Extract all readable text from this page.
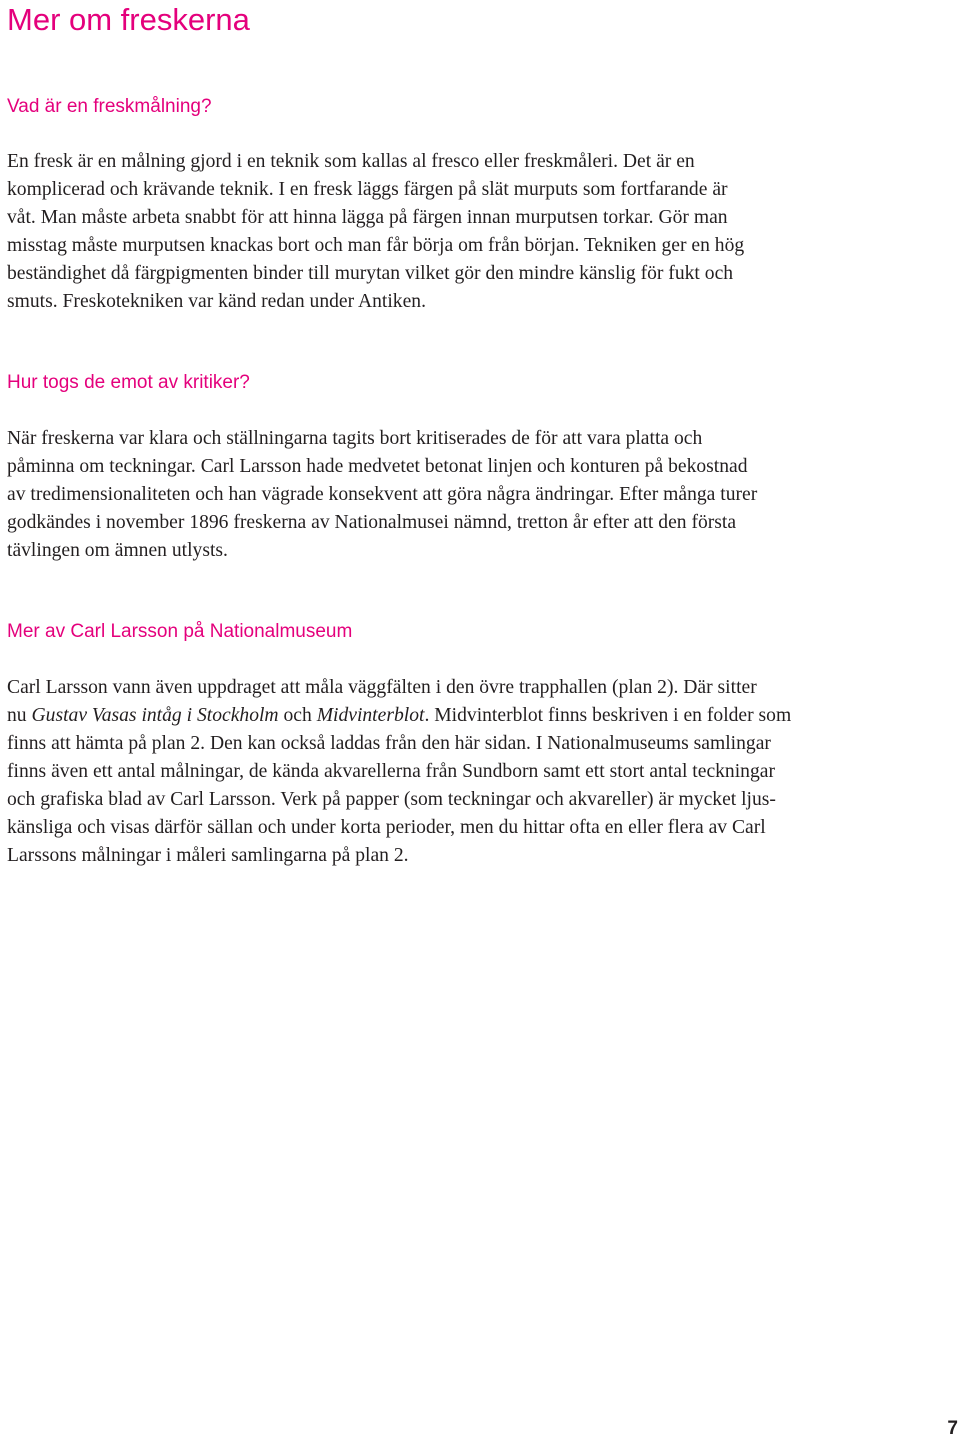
Mer om freskerna
Vad är en freskmålning?

En fresk är en målning gjord i en teknik som kallas al fresco eller freskmåleri. Det är en
komplicerad och krävande teknik. I en fresk läggs färgen på slät murputs som fortfarande är
våt. Man måste arbeta snabbt för att hinna lägga på färgen innan murputsen torkar. Gör man
misstag måste murputsen knackas bort och man får börja om från början. Tekniken ger en hög
beständighet då färgpigmenten binder till murytan vilket gör den mindre känslig för fukt och
smuts. Freskotekniken var känd redan under Antiken.

Hur togs de emot av kritiker?

När freskerna var klara och ställningarna tagits bort kritiserades de för att vara platta och
påminna om teckningar. Carl Larsson hade medvetet betonat linjen och konturen på bekostnad
av tredimensionaliteten och han vägrade konsekvent att göra några ändringar. Efter många turer
godkändes i november 1896 freskerna av Nationalmusei nämnd, tretton år efter att den första
tävlingen om ämnen utlysts.

Mer av Carl Larsson på Nationalmuseum

Carl Larsson vann även uppdraget att måla väggfälten i den övre trapphallen (plan 2). Där sitter
nu Gustav Vasas intåg i Stockholm och Midvinterblot. Midvinterblot finns beskriven i en folder som
finns att hämta på plan 2. Den kan också laddas från den här sidan. I Nationalmuseums samlingar
finns även ett antal målningar, de kända akvarellerna från Sundborn samt ett stort antal teckningar
och grafiska blad av Carl Larsson. Verk på papper (som teckningar och akvareller) är mycket ljus-
känsliga och visas därför sällan och under korta perioder, men du hittar ofta en eller flera av Carl
Larssons målningar i måleri samlingarna på plan 2.

7
